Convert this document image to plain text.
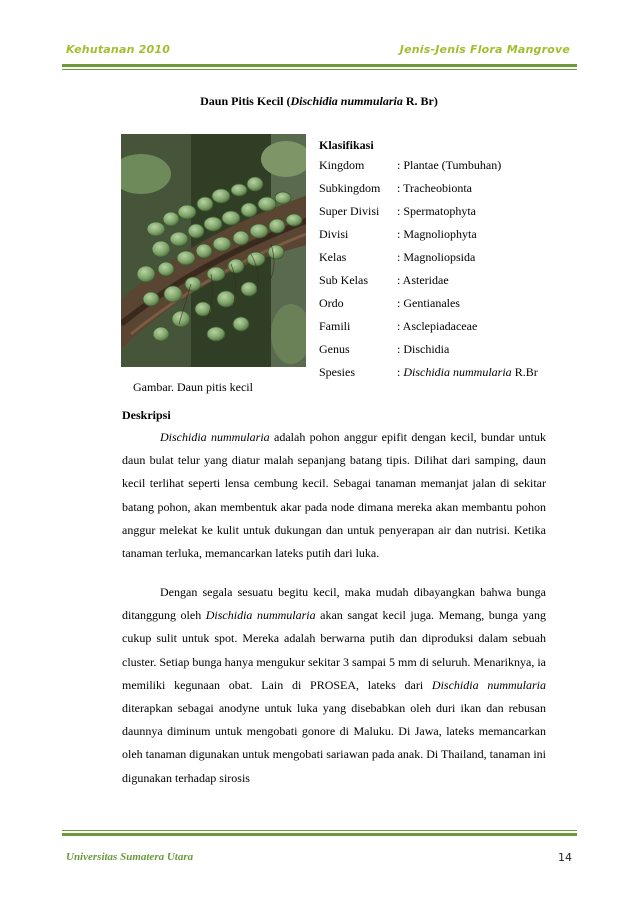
Kehutanan 2010	Jenis-Jenis Flora Mangrove
Daun Pitis Kecil (Dischidia nummularia R. Br)
Gambar. Daun pitis kecil
Klasifikasi
Kingdom	: Plantae (Tumbuhan)
Subkingdom	: Tracheobionta
Super Divisi	: Spermatophyta
Divisi	: Magnoliophyta
Kelas	: Magnoliopsida
Sub Kelas	: Asteridae
Ordo	: Gentianales
Famili	: Asclepiadaceae
Genus	: Dischidia
Spesies	: Dischidia nummularia R.Br
Deskripsi

Dischidia nummularia adalah pohon anggur epifit dengan kecil, bundar untuk daun bulat telur yang diatur malah sepanjang batang tipis. Dilihat dari samping, daun kecil terlihat seperti lensa cembung kecil. Sebagai tanaman memanjat jalan di sekitar batang pohon, akan membentuk akar pada node dimana mereka akan membantu pohon anggur melekat ke kulit untuk dukungan dan untuk penyerapan air dan nutrisi. Ketika tanaman terluka, memancarkan lateks putih dari luka.

Dengan segala sesuatu begitu kecil, maka mudah dibayangkan bahwa bunga ditanggung oleh Dischidia nummularia akan sangat kecil juga. Memang, bunga yang cukup sulit untuk spot. Mereka adalah berwarna putih dan diproduksi dalam sebuah cluster. Setiap bunga hanya mengukur sekitar 3 sampai 5 mm di seluruh. Menariknya, ia memiliki kegunaan obat. Lain di PROSEA, lateks dari Dischidia nummularia diterapkan sebagai anodyne untuk luka yang disebabkan oleh duri ikan dan rebusan daunnya diminum untuk mengobati gonore di Maluku. Di Jawa, lateks memancarkan oleh tanaman digunakan untuk mengobati sariawan pada anak. Di Thailand, tanaman ini digunakan terhadap sirosis

Universitas Sumatera Utara	14
